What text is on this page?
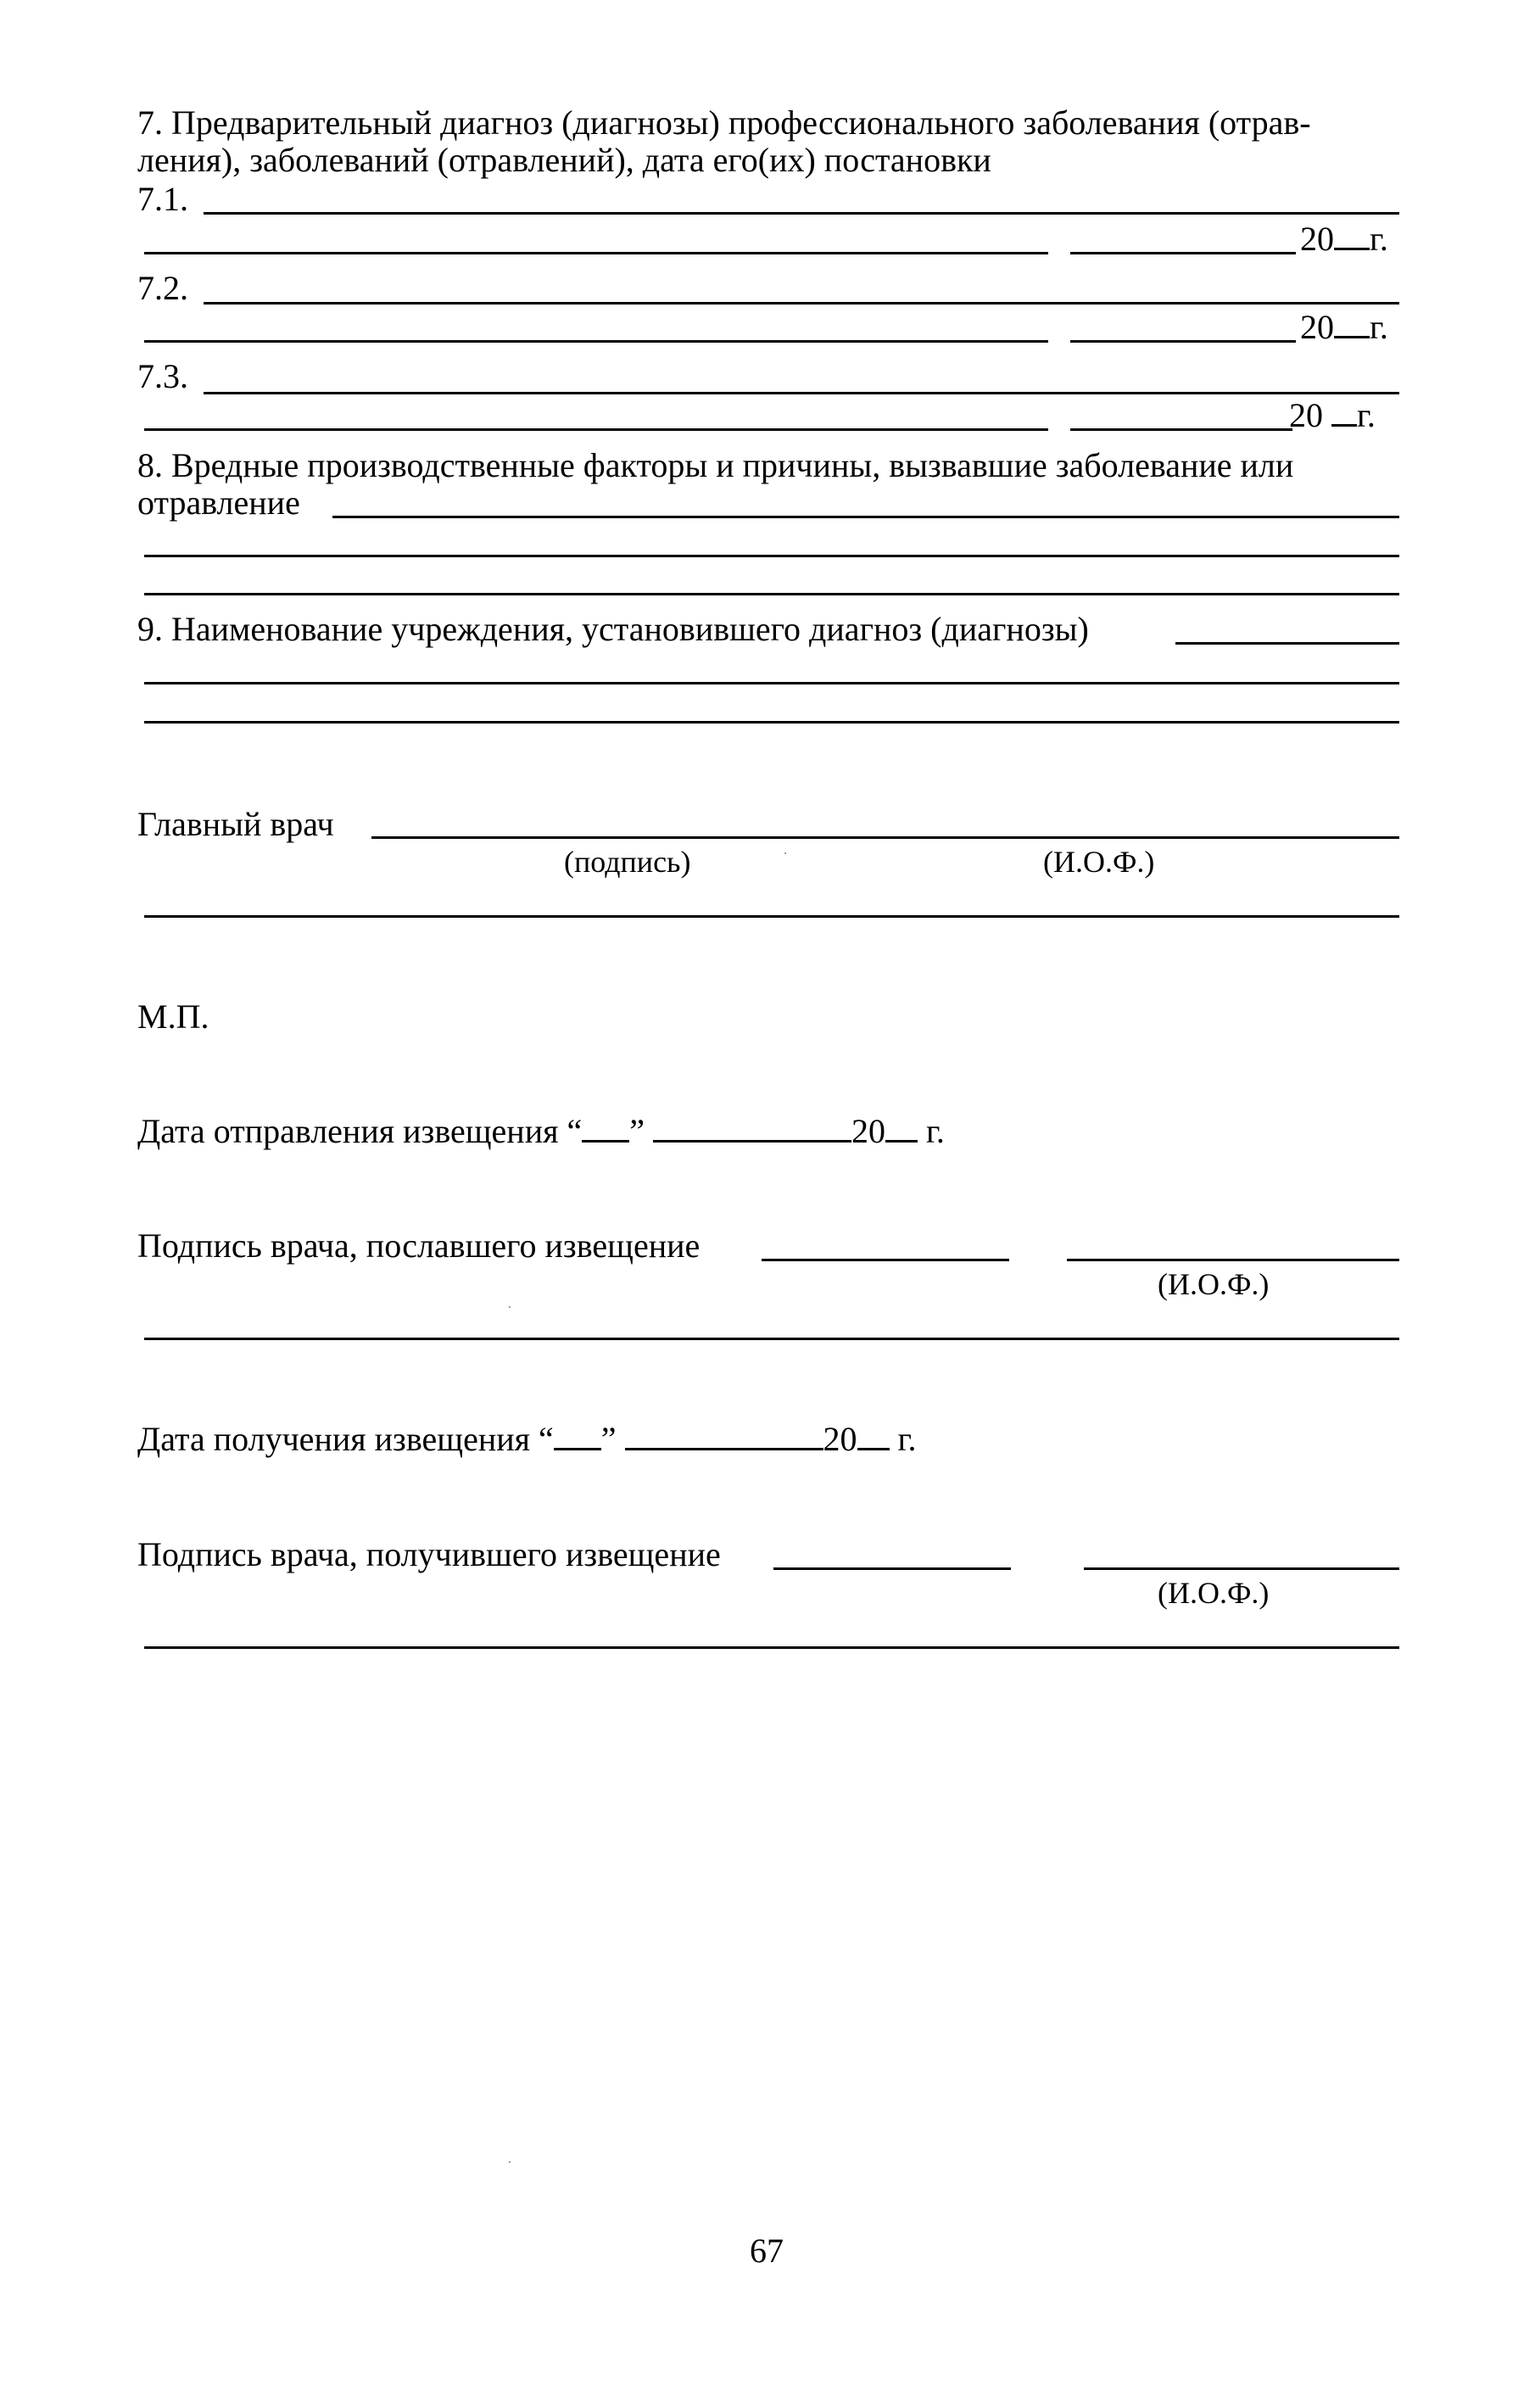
7. Предварительный диагноз (диагнозы) профессионального заболевания (отрав-
ления), заболеваний (отравлений), дата его(их) постановки
7.1.
20 г.
7.2.
20 г.
7.3.
20 г.
8. Вредные производственные факторы и причины, вызвавшие заболевание или
отравление
9. Наименование учреждения, установившего диагноз (диагнозы)
Главный врач
(подпись)	(И.О.Ф.)
М.П.
Дата отправления извещения “ ”	20 г.
Подпись врача, пославшего извещение
(И.О.Ф.)
Дата получения извещения “ ”	20 г.
Подпись врача, получившего извещение
(И.О.Ф.)
67
